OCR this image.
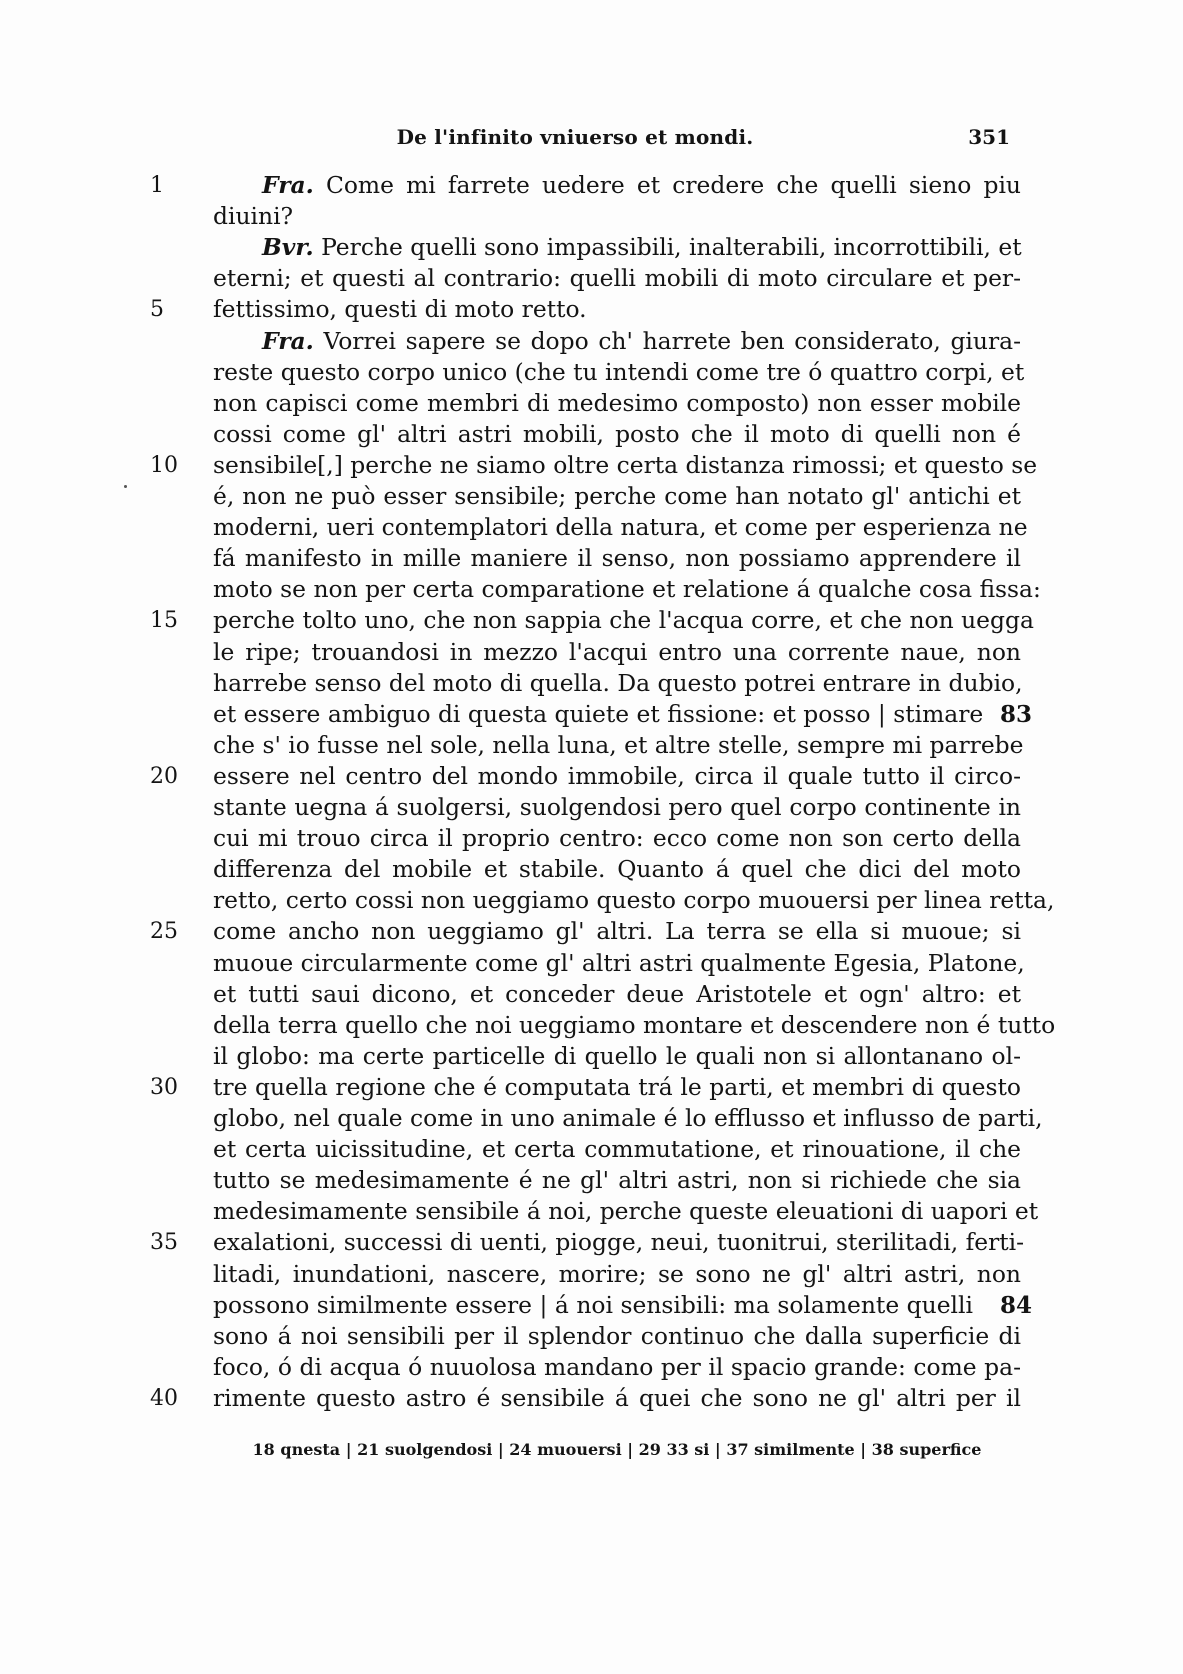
De l'infinito vniuerso et mondi.	351
1	Fra. Come mi farrete uedere et credere che quelli sieno piu
diuini?
Bvr. Perche quelli sono impassibili, inalterabili, incorrottibili, et
eterni; et questi al contrario: quelli mobili di moto circulare et per-
5	fettissimo, questi di moto retto.
Fra. Vorrei sapere se dopo ch' harrete ben considerato, giura-
reste questo corpo unico (che tu intendi come tre ó quattro corpi, et
non capisci come membri di medesimo composto) non esser mobile
cossi come gl' altri astri mobili, posto che il moto di quelli non é
10	sensibile[,] perche ne siamo oltre certa distanza rimossi; et questo se
é, non ne può esser sensibile; perche come han notato gl' antichi et
moderni, ueri contemplatori della natura, et come per esperienza ne
fá manifesto in mille maniere il senso, non possiamo apprendere il
moto se non per certa comparatione et relatione á qualche cosa fissa:
15	perche tolto uno, che non sappia che l'acqua corre, et che non uegga
le ripe; trouandosi in mezzo l'acqui entro una corrente naue, non
harrebe senso del moto di quella. Da questo potrei entrare in dubio,
et essere ambiguo di questa quiete et fissione: et posso | stimare 83
che s' io fusse nel sole, nella luna, et altre stelle, sempre mi parrebe
20	essere nel centro del mondo immobile, circa il quale tutto il circo-
stante uegna á suolgersi, suolgendosi pero quel corpo continente in
cui mi trouo circa il proprio centro: ecco come non son certo della
differenza del mobile et stabile. Quanto á quel che dici del moto
retto, certo cossi non ueggiamo questo corpo muouersi per linea retta,
25	come ancho non ueggiamo gl' altri. La terra se ella si muoue; si
muoue circularmente come gl' altri astri qualmente Egesia, Platone,
et tutti saui dicono, et conceder deue Aristotele et ogn' altro: et
della terra quello che noi ueggiamo montare et descendere non é tutto
il globo: ma certe particelle di quello le quali non si allontanano ol-
30	tre quella regione che é computata trá le parti, et membri di questo
globo, nel quale come in uno animale é lo efflusso et influsso de parti,
et certa uicissitudine, et certa commutatione, et rinouatione, il che
tutto se medesimamente é ne gl' altri astri, non si richiede che sia
medesimamente sensibile á noi, perche queste eleuationi di uapori et
35	exalationi, successi di uenti, piogge, neui, tuonitrui, sterilitadi, ferti-
litadi, inundationi, nascere, morire; se sono ne gl' altri astri, non
possono similmente essere | á noi sensibili: ma solamente quelli 84
sono á noi sensibili per il splendor continuo che dalla superficie di
foco, ó di acqua ó nuuolosa mandano per il spacio grande: come pa-
40	rimente questo astro é sensibile á quei che sono ne gl' altri per il
18 qnesta | 21 suolgendosi | 24 muouersi | 29 33 si | 37 similmente | 38 superfice
